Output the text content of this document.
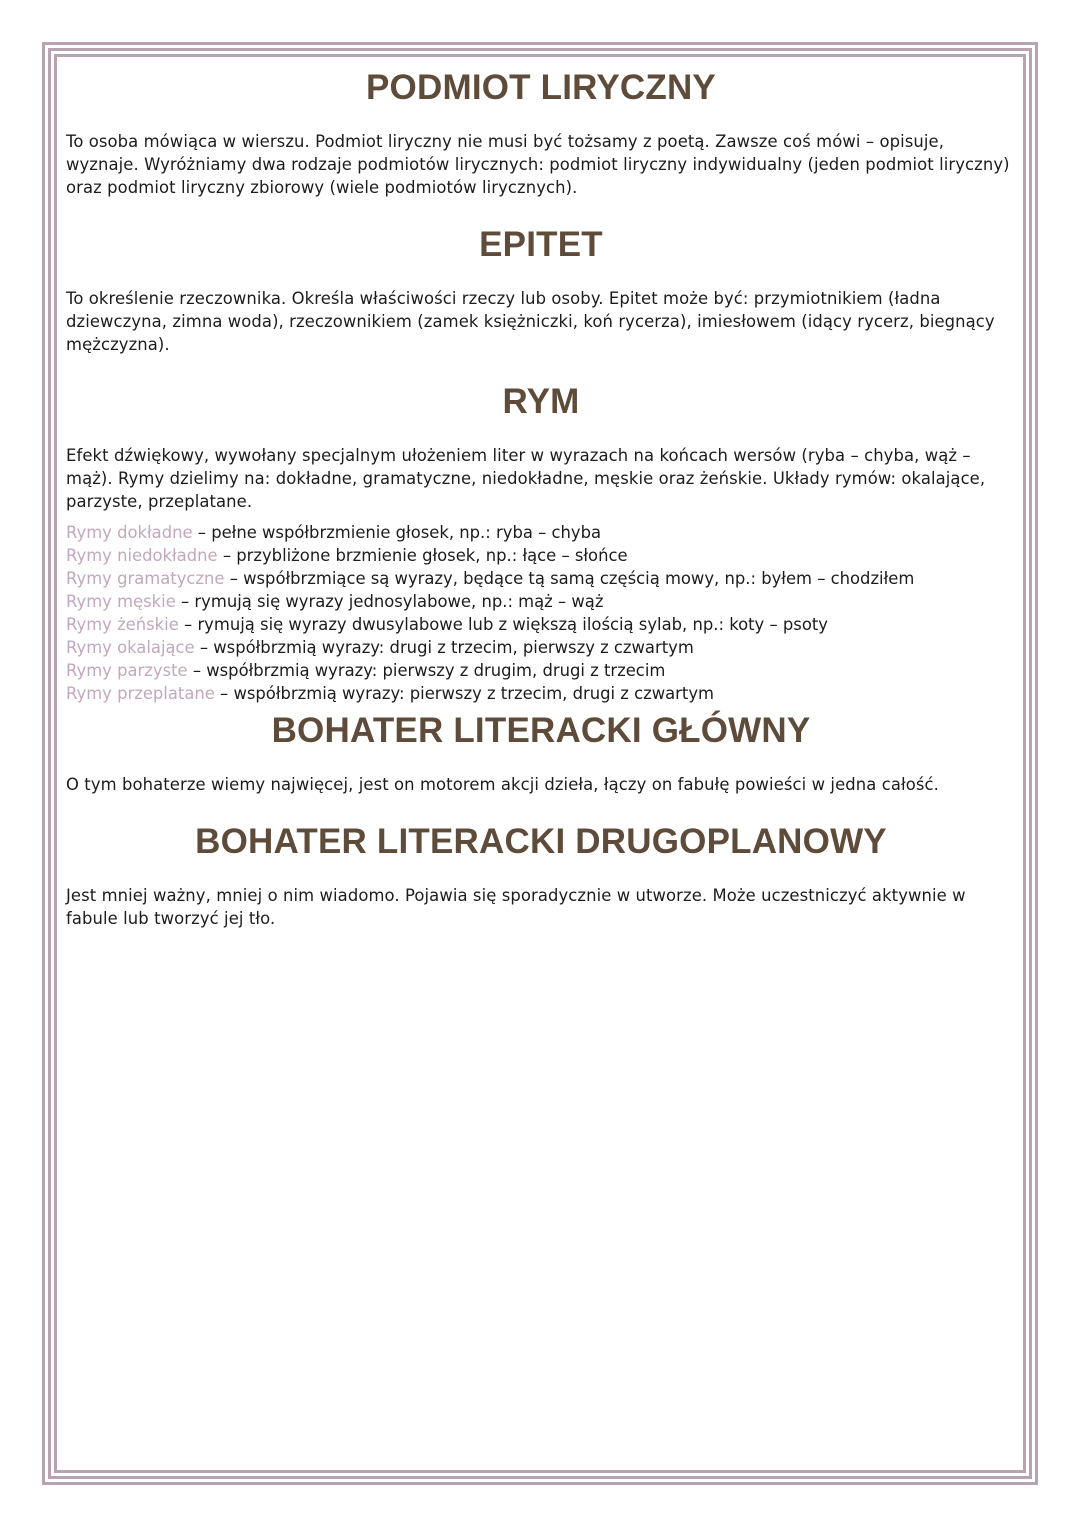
PODMIOT LIRYCZNY

To osoba mówiąca w wierszu. Podmiot liryczny nie musi być tożsamy z poetą. Zawsze coś mówi – opisuje, wyznaje. Wyróżniamy dwa rodzaje podmiotów lirycznych: podmiot liryczny indywidualny (jeden podmiot liryczny) oraz podmiot liryczny zbiorowy (wiele podmiotów lirycznych).

EPITET

To określenie rzeczownika. Określa właściwości rzeczy lub osoby. Epitet może być: przymiotnikiem (ładna dziewczyna, zimna woda), rzeczownikiem (zamek księżniczki, koń rycerza), imiesłowem (idący rycerz, biegnący mężczyzna).

RYM

Efekt dźwiękowy, wywołany specjalnym ułożeniem liter w wyrazach na końcach wersów (ryba – chyba, wąż – mąż). Rymy dzielimy na: dokładne, gramatyczne, niedokładne, męskie oraz żeńskie. Układy rymów: okalające, parzyste, przeplatane.

Rymy dokładne – pełne współbrzmienie głosek, np.: ryba – chyba
Rymy niedokładne – przybliżone brzmienie głosek, np.: łące – słońce
Rymy gramatyczne – współbrzmiące są wyrazy, będące tą samą częścią mowy, np.: byłem – chodziłem
Rymy męskie – rymują się wyrazy jednosylabowe, np.: mąż – wąż
Rymy żeńskie – rymują się wyrazy dwusylabowe lub z większą ilością sylab, np.: koty – psoty
Rymy okalające – współbrzmią wyrazy: drugi z trzecim, pierwszy z czwartym
Rymy parzyste – współbrzmią wyrazy: pierwszy z drugim, drugi z trzecim
Rymy przeplatane – współbrzmią wyrazy: pierwszy z trzecim, drugi z czwartym
BOHATER LITERACKI GŁÓWNY

O tym bohaterze wiemy najwięcej, jest on motorem akcji dzieła, łączy on fabułę powieści w jedna całość.

BOHATER LITERACKI DRUGOPLANOWY

Jest mniej ważny, mniej o nim wiadomo. Pojawia się sporadycznie w utworze. Może uczestniczyć aktywnie w fabule lub tworzyć jej tło.
